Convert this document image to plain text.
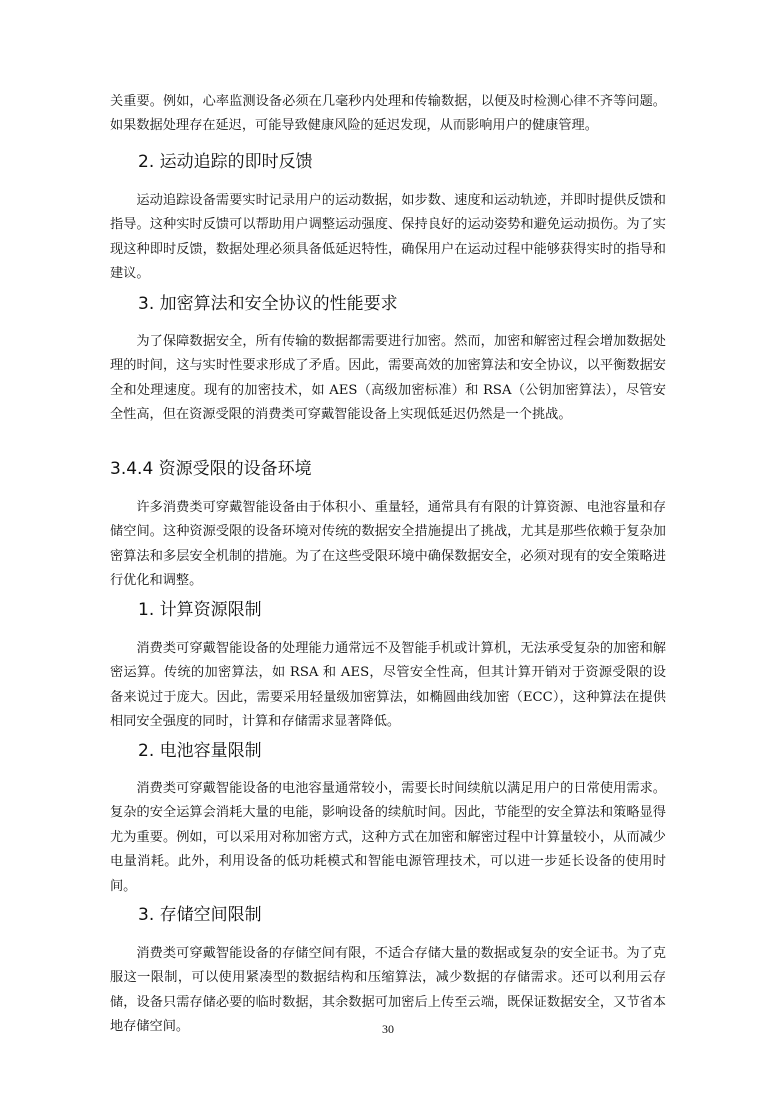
关重要。例如，心率监测设备必须在几毫秒内处理和传输数据，以便及时检测心律不齐等问题。如果数据处理存在延迟，可能导致健康风险的延迟发现，从而影响用户的健康管理。

2. 运动追踪的即时反馈

运动追踪设备需要实时记录用户的运动数据，如步数、速度和运动轨迹，并即时提供反馈和指导。这种实时反馈可以帮助用户调整运动强度、保持良好的运动姿势和避免运动损伤。为了实现这种即时反馈，数据处理必须具备低延迟特性，确保用户在运动过程中能够获得实时的指导和建议。

3. 加密算法和安全协议的性能要求

为了保障数据安全，所有传输的数据都需要进行加密。然而，加密和解密过程会增加数据处理的时间，这与实时性要求形成了矛盾。因此，需要高效的加密算法和安全协议，以平衡数据安全和处理速度。现有的加密技术，如 AES（高级加密标准）和 RSA（公钥加密算法），尽管安全性高，但在资源受限的消费类可穿戴智能设备上实现低延迟仍然是一个挑战。

3.4.4 资源受限的设备环境

许多消费类可穿戴智能设备由于体积小、重量轻，通常具有有限的计算资源、电池容量和存储空间。这种资源受限的设备环境对传统的数据安全措施提出了挑战，尤其是那些依赖于复杂加密算法和多层安全机制的措施。为了在这些受限环境中确保数据安全，必须对现有的安全策略进行优化和调整。

1. 计算资源限制

消费类可穿戴智能设备的处理能力通常远不及智能手机或计算机，无法承受复杂的加密和解密运算。传统的加密算法，如 RSA 和 AES，尽管安全性高，但其计算开销对于资源受限的设备来说过于庞大。因此，需要采用轻量级加密算法，如椭圆曲线加密（ECC），这种算法在提供相同安全强度的同时，计算和存储需求显著降低。

2. 电池容量限制

消费类可穿戴智能设备的电池容量通常较小，需要长时间续航以满足用户的日常使用需求。复杂的安全运算会消耗大量的电能，影响设备的续航时间。因此，节能型的安全算法和策略显得尤为重要。例如，可以采用对称加密方式，这种方式在加密和解密过程中计算量较小，从而减少电量消耗。此外，利用设备的低功耗模式和智能电源管理技术，可以进一步延长设备的使用时间。

3. 存储空间限制

消费类可穿戴智能设备的存储空间有限，不适合存储大量的数据或复杂的安全证书。为了克服这一限制，可以使用紧凑型的数据结构和压缩算法，减少数据的存储需求。还可以利用云存储，设备只需存储必要的临时数据，其余数据可加密后上传至云端，既保证数据安全，又节省本地存储空间。	30
